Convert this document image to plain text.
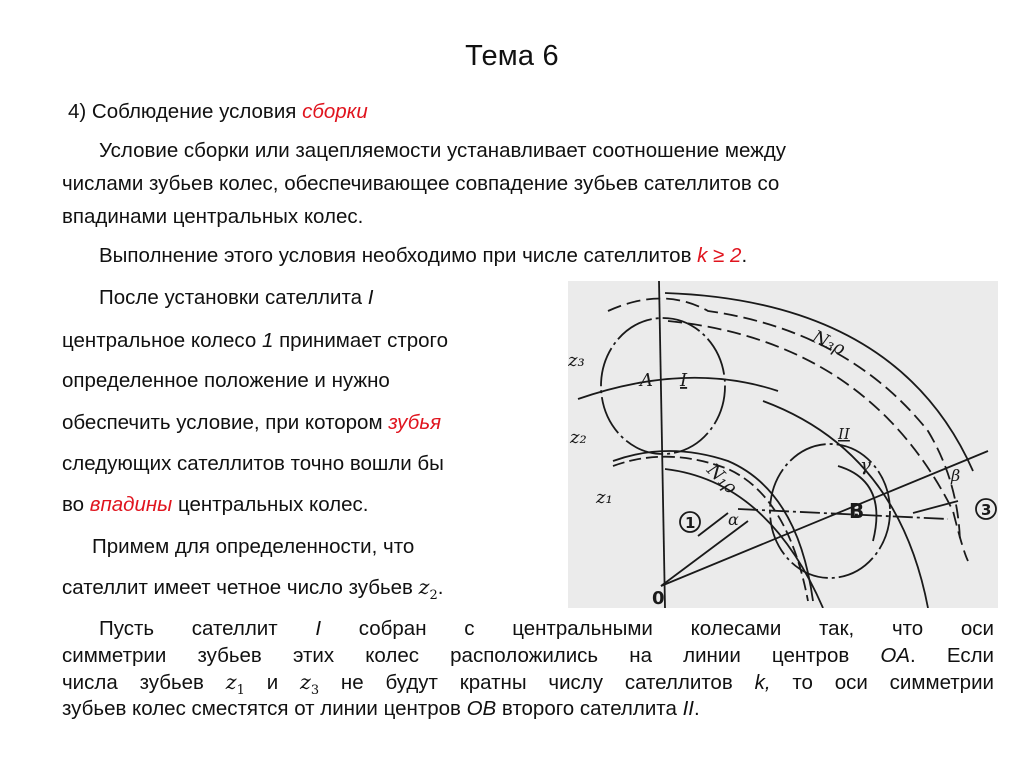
Тема 6
4) Соблюдение условия сборки
Условие сборки или зацепляемости устанавливает соотношение между
числами зубьев колес, обеспечивающее совпадение зубьев сателлитов со
впадинами центральных колес.
Выполнение этого условия необходимо при числе сателлитов k ≥ 2.
После установки сателлита I
центральное колесо 1 принимает строго
определенное положение и нужно
обеспечить условие, при котором зубья
следующих сателлитов точно вошли бы
во впадины центральных колес.
Примем для определенности, что
сателлит имеет четное число зубьев $z_2$.
Пусть сателлит I собран с центральными колесами так, что оси
симметрии зубьев этих колес расположились на линии центров OA. Если
числа зубьев $z_1$ и $z_3$ не будут кратны числу сателлитов k, то оси симметрии
зубьев колес сместятся от линии центров OB второго сателлита II.
z₃
z₂
z₁
A I
II
N₃ρ
N₁ρ	γ	β
α	B
0
1
3
